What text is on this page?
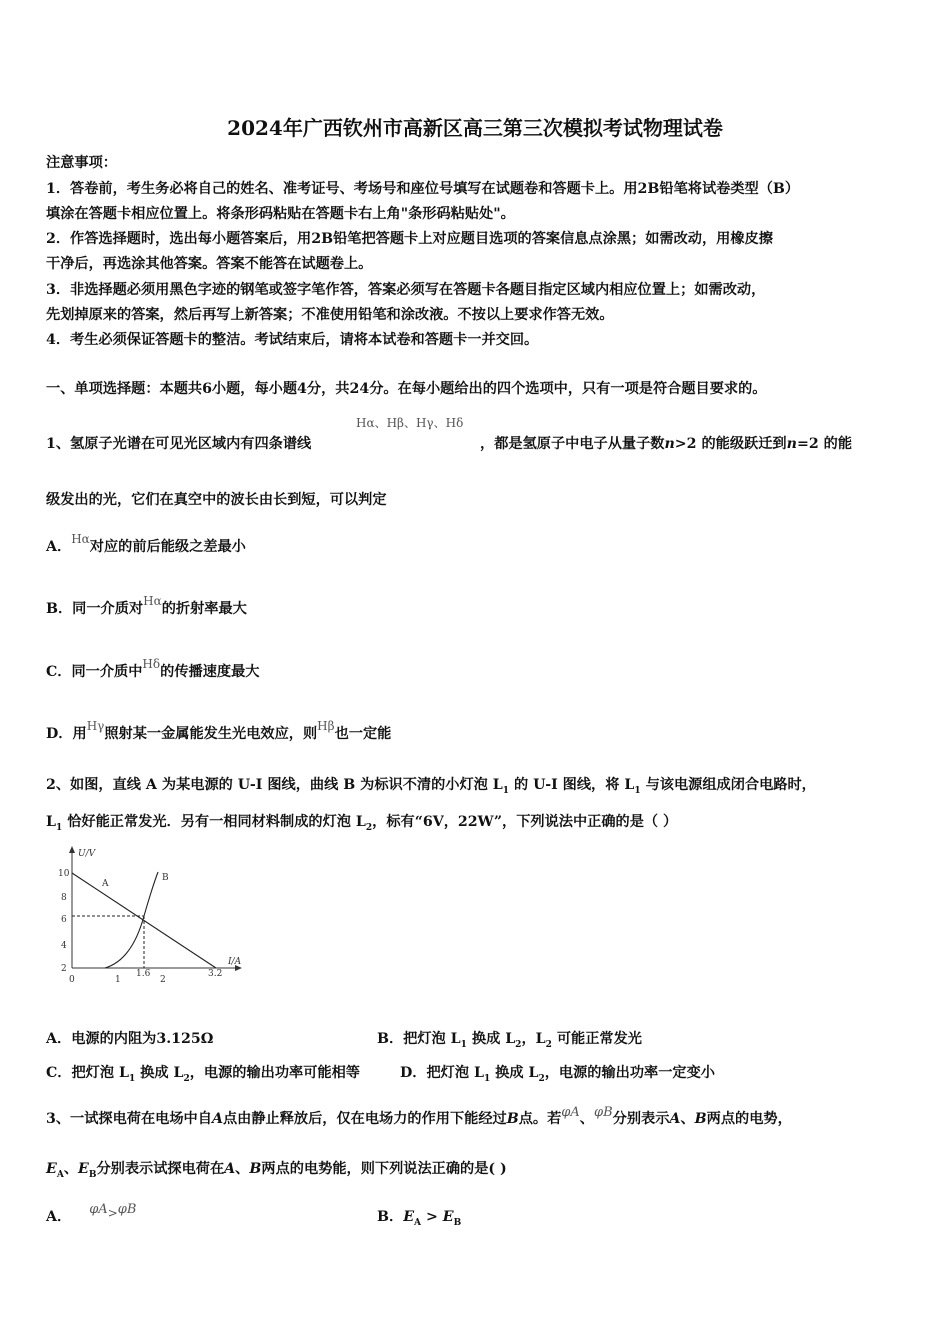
2024年广西钦州市高新区高三第三次模拟考试物理试卷
注意事项：
1．答卷前，考生务必将自己的姓名、准考证号、考场号和座位号填写在试题卷和答题卡上。用2B铅笔将试卷类型（B）
填涂在答题卡相应位置上。将条形码粘贴在答题卡右上角"条形码粘贴处"。
2．作答选择题时，选出每小题答案后，用2B铅笔把答题卡上对应题目选项的答案信息点涂黑；如需改动，用橡皮擦
干净后，再选涂其他答案。答案不能答在试题卷上。
3．非选择题必须用黑色字迹的钢笔或签字笔作答，答案必须写在答题卡各题目指定区域内相应位置上；如需改动，
先划掉原来的答案，然后再写上新答案；不准使用铅笔和涂改液。不按以上要求作答无效。
4．考生必须保证答题卡的整洁。考试结束后，请将本试卷和答题卡一并交回。
一、单项选择题：本题共6小题，每小题4分，共24分。在每小题给出的四个选项中，只有一项是符合题目要求的。
1、氢原子光谱在可见光区域内有四条谱线
Hα、Hβ、Hγ、Hδ
，都是氢原子中电子从量子数n>2 的能级跃迁到n=2 的能
级发出的光，它们在真空中的波长由长到短，可以判定
A．$^{H\alpha}$对应的前后能级之差最小
B．同一介质对$^{H\alpha}$的折射率最大
C．同一介质中$^{H\delta}$的传播速度最大
D．用$^{H\gamma}$照射某一金属能发生光电效应，则$^{H\beta}$也一定能
2、如图，直线 A 为某电源的 U-I 图线，曲线 B 为标识不清的小灯泡 $L_1$ 的 U-I 图线，将 $L_1$ 与该电源组成闭合电路时，
$L_1$ 恰好能正常发光．另有一相同材料制成的灯泡 $L_2$，标有“6V，22W”，下列说法中正确的是（ ）
U/V
I/A
10
8
6
4
2
0	1
1.6
2
3.2
A
B
A．电源的内阻为3.125Ω	B．把灯泡 $L_1$ 换成 $L_2$，$L_2$ 可能正常发光
C．把灯泡 $L_1$ 换成 $L_2$，电源的输出功率可能相等	D．把灯泡 $L_1$ 换成 $L_2$，电源的输出功率一定变小
3、一试探电荷在电场中自A点由静止释放后，仅在电场力的作用下能经过B点。若φA、φB分别表示A、B两点的电势，
$E_A$、$E_B$分别表示试探电荷在A、B两点的电势能，则下列说法正确的是( )
A． φA>φB	B．$E_A > E_B$
